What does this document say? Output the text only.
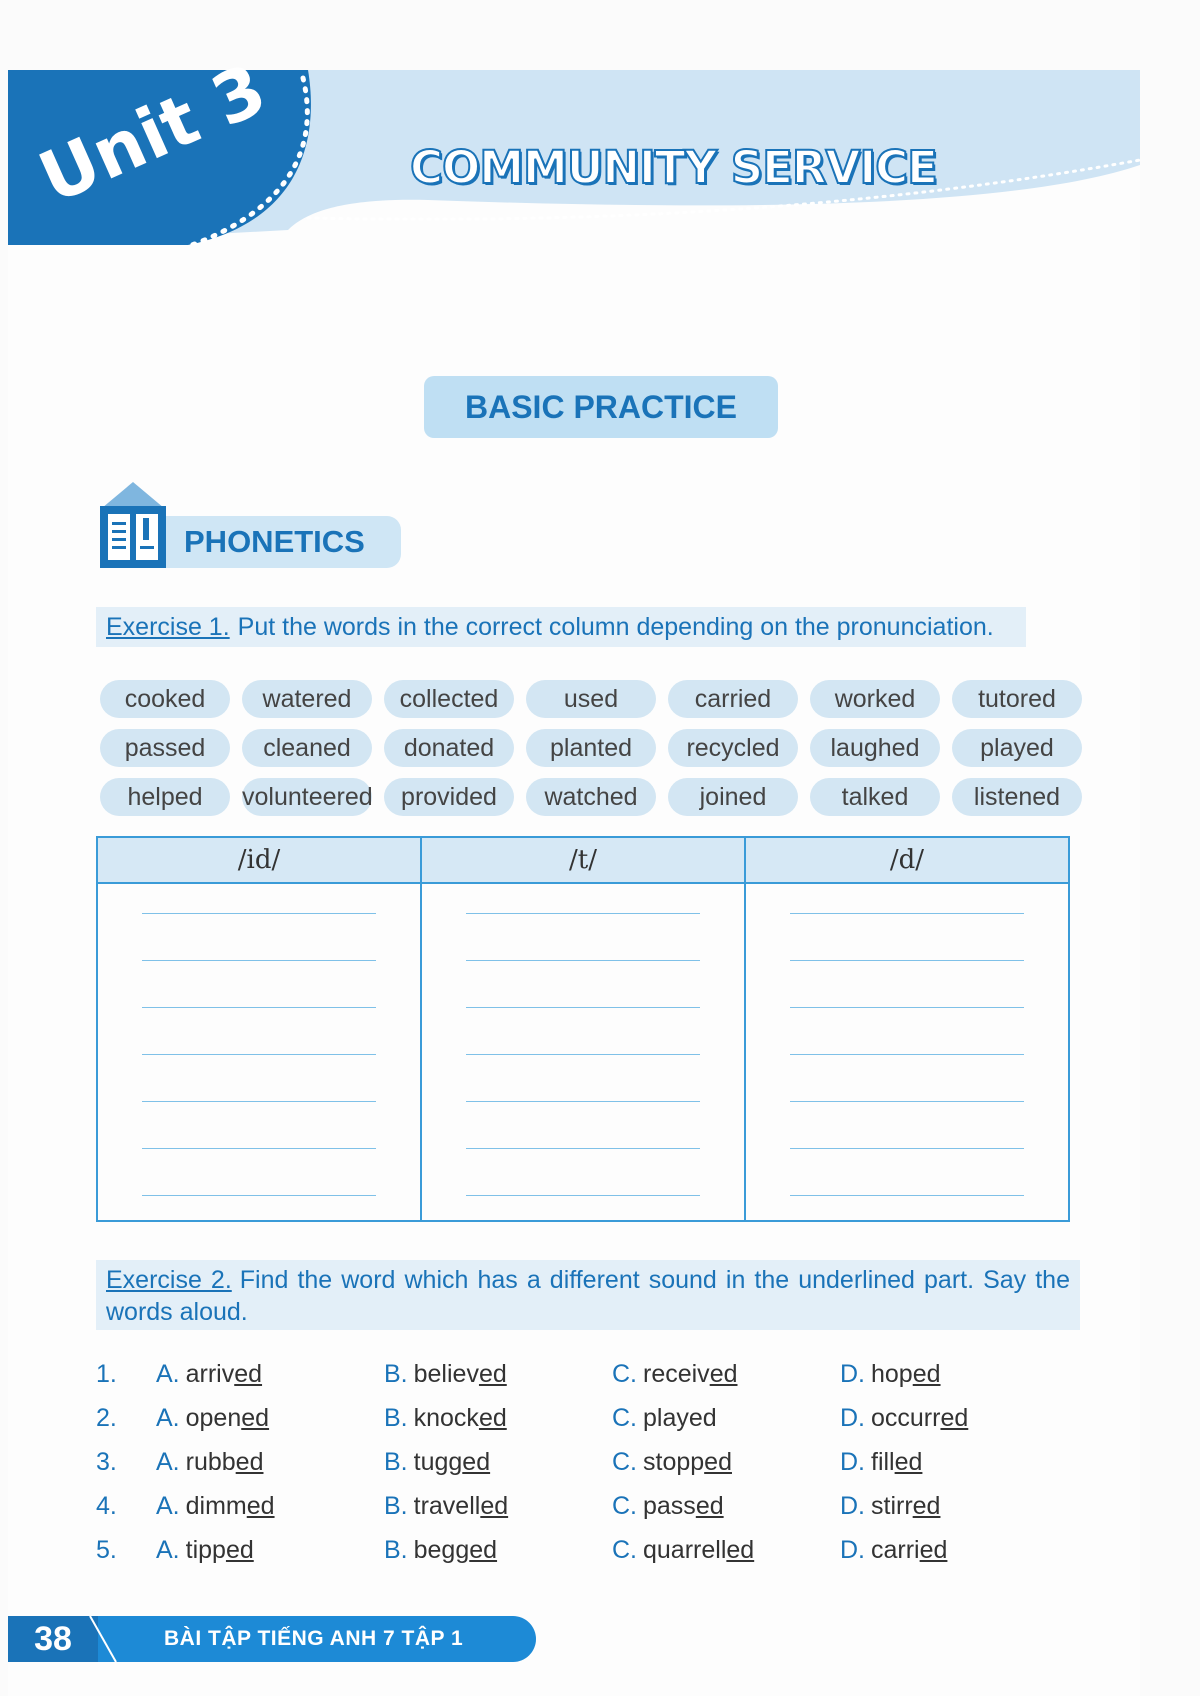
Unit 3	COMMUNITY SERVICE
BASIC PRACTICE
PHONETICS
Exercise 1. Put the words in the correct column depending on the pronunciation.
cooked	watered	collected	used	carried	worked	tutored
passed	cleaned	donated	planted	recycled	laughed	played
helped	volunteered	provided	watched	joined	talked	listened
/id/	/t/	/d/
Exercise 2. Find the word which has a different sound in the underlined part. Say the words aloud.
1.	A. arrived	B. believed	C. received	D. hoped
2.	A. opened	B. knocked	C. played	D. occurred
3.	A. rubbed	B. tugged	C. stopped	D. filled
4.	A. dimmed	B. travelled	C. passed	D. stirred
5.	A. tipped	B. begged	C. quarrelled	D. carried
38	BÀI TẬP TIẾNG ANH 7 TẬP 1
